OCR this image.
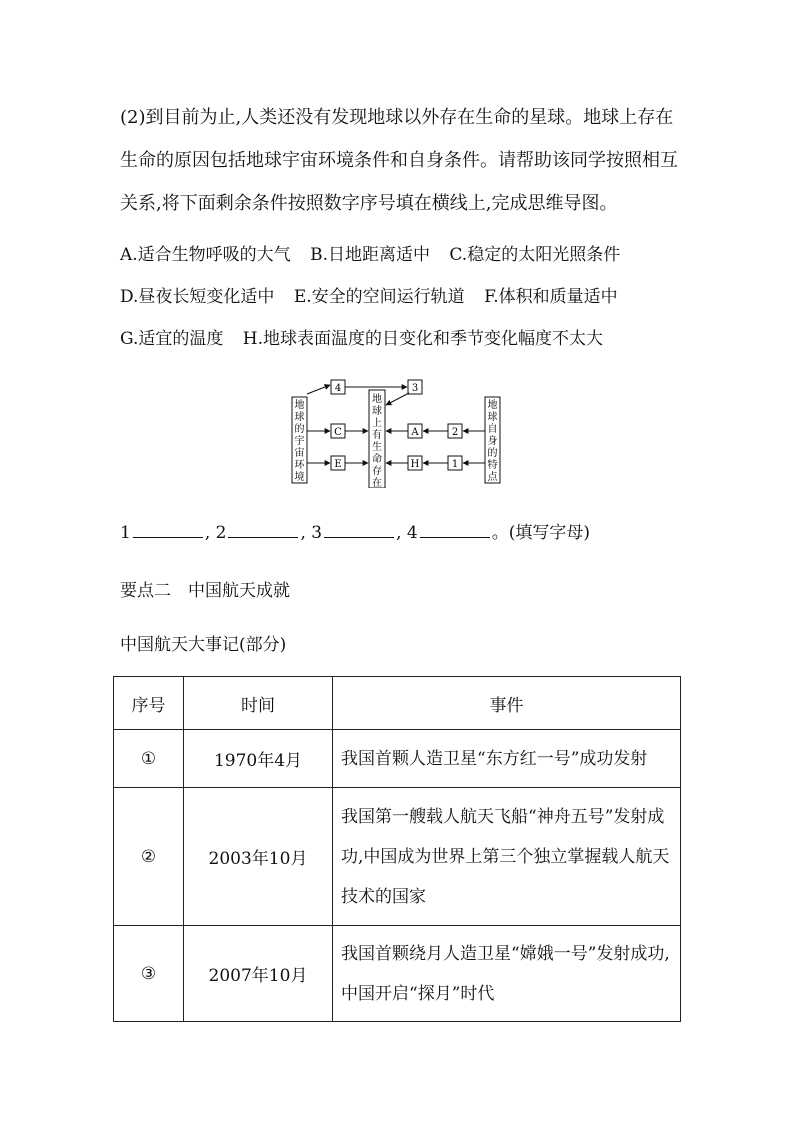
(2)到目前为止,人类还没有发现地球以外存在生命的星球。地球上存在生命的原因包括地球宇宙环境条件和自身条件。请帮助该同学按照相互关系,将下面剩余条件按照数字序号填在横线上,完成思维导图。

A.适合生物呼吸的大气 B.日地距离适中 C.稳定的太阳光照条件
D.昼夜长短变化适中 E.安全的空间运行轨道 F.体积和质量适中
G.适宜的温度 H.地球表面温度的日变化和季节变化幅度不太大
地
球
的
宇
宙
环
境
地
球
上
有
生
命
存
在
地
球
自
身
的
特
点
4	3
C
E
A
H
2
1
1	, 2	, 3	, 4	。(填写字母)
要点二　中国航天成就
中国航天大事记(部分)
序号	时间	事件
①	1970年4月	我国首颗人造卫星“东方红一号”成功发射
②	2003年10月	我国第一艘载人航天飞船“神舟五号”发射成功,中国成为世界上第三个独立掌握载人航天技术的国家
③	2007年10月	我国首颗绕月人造卫星“嫦娥一号”发射成功,中国开启“探月”时代
